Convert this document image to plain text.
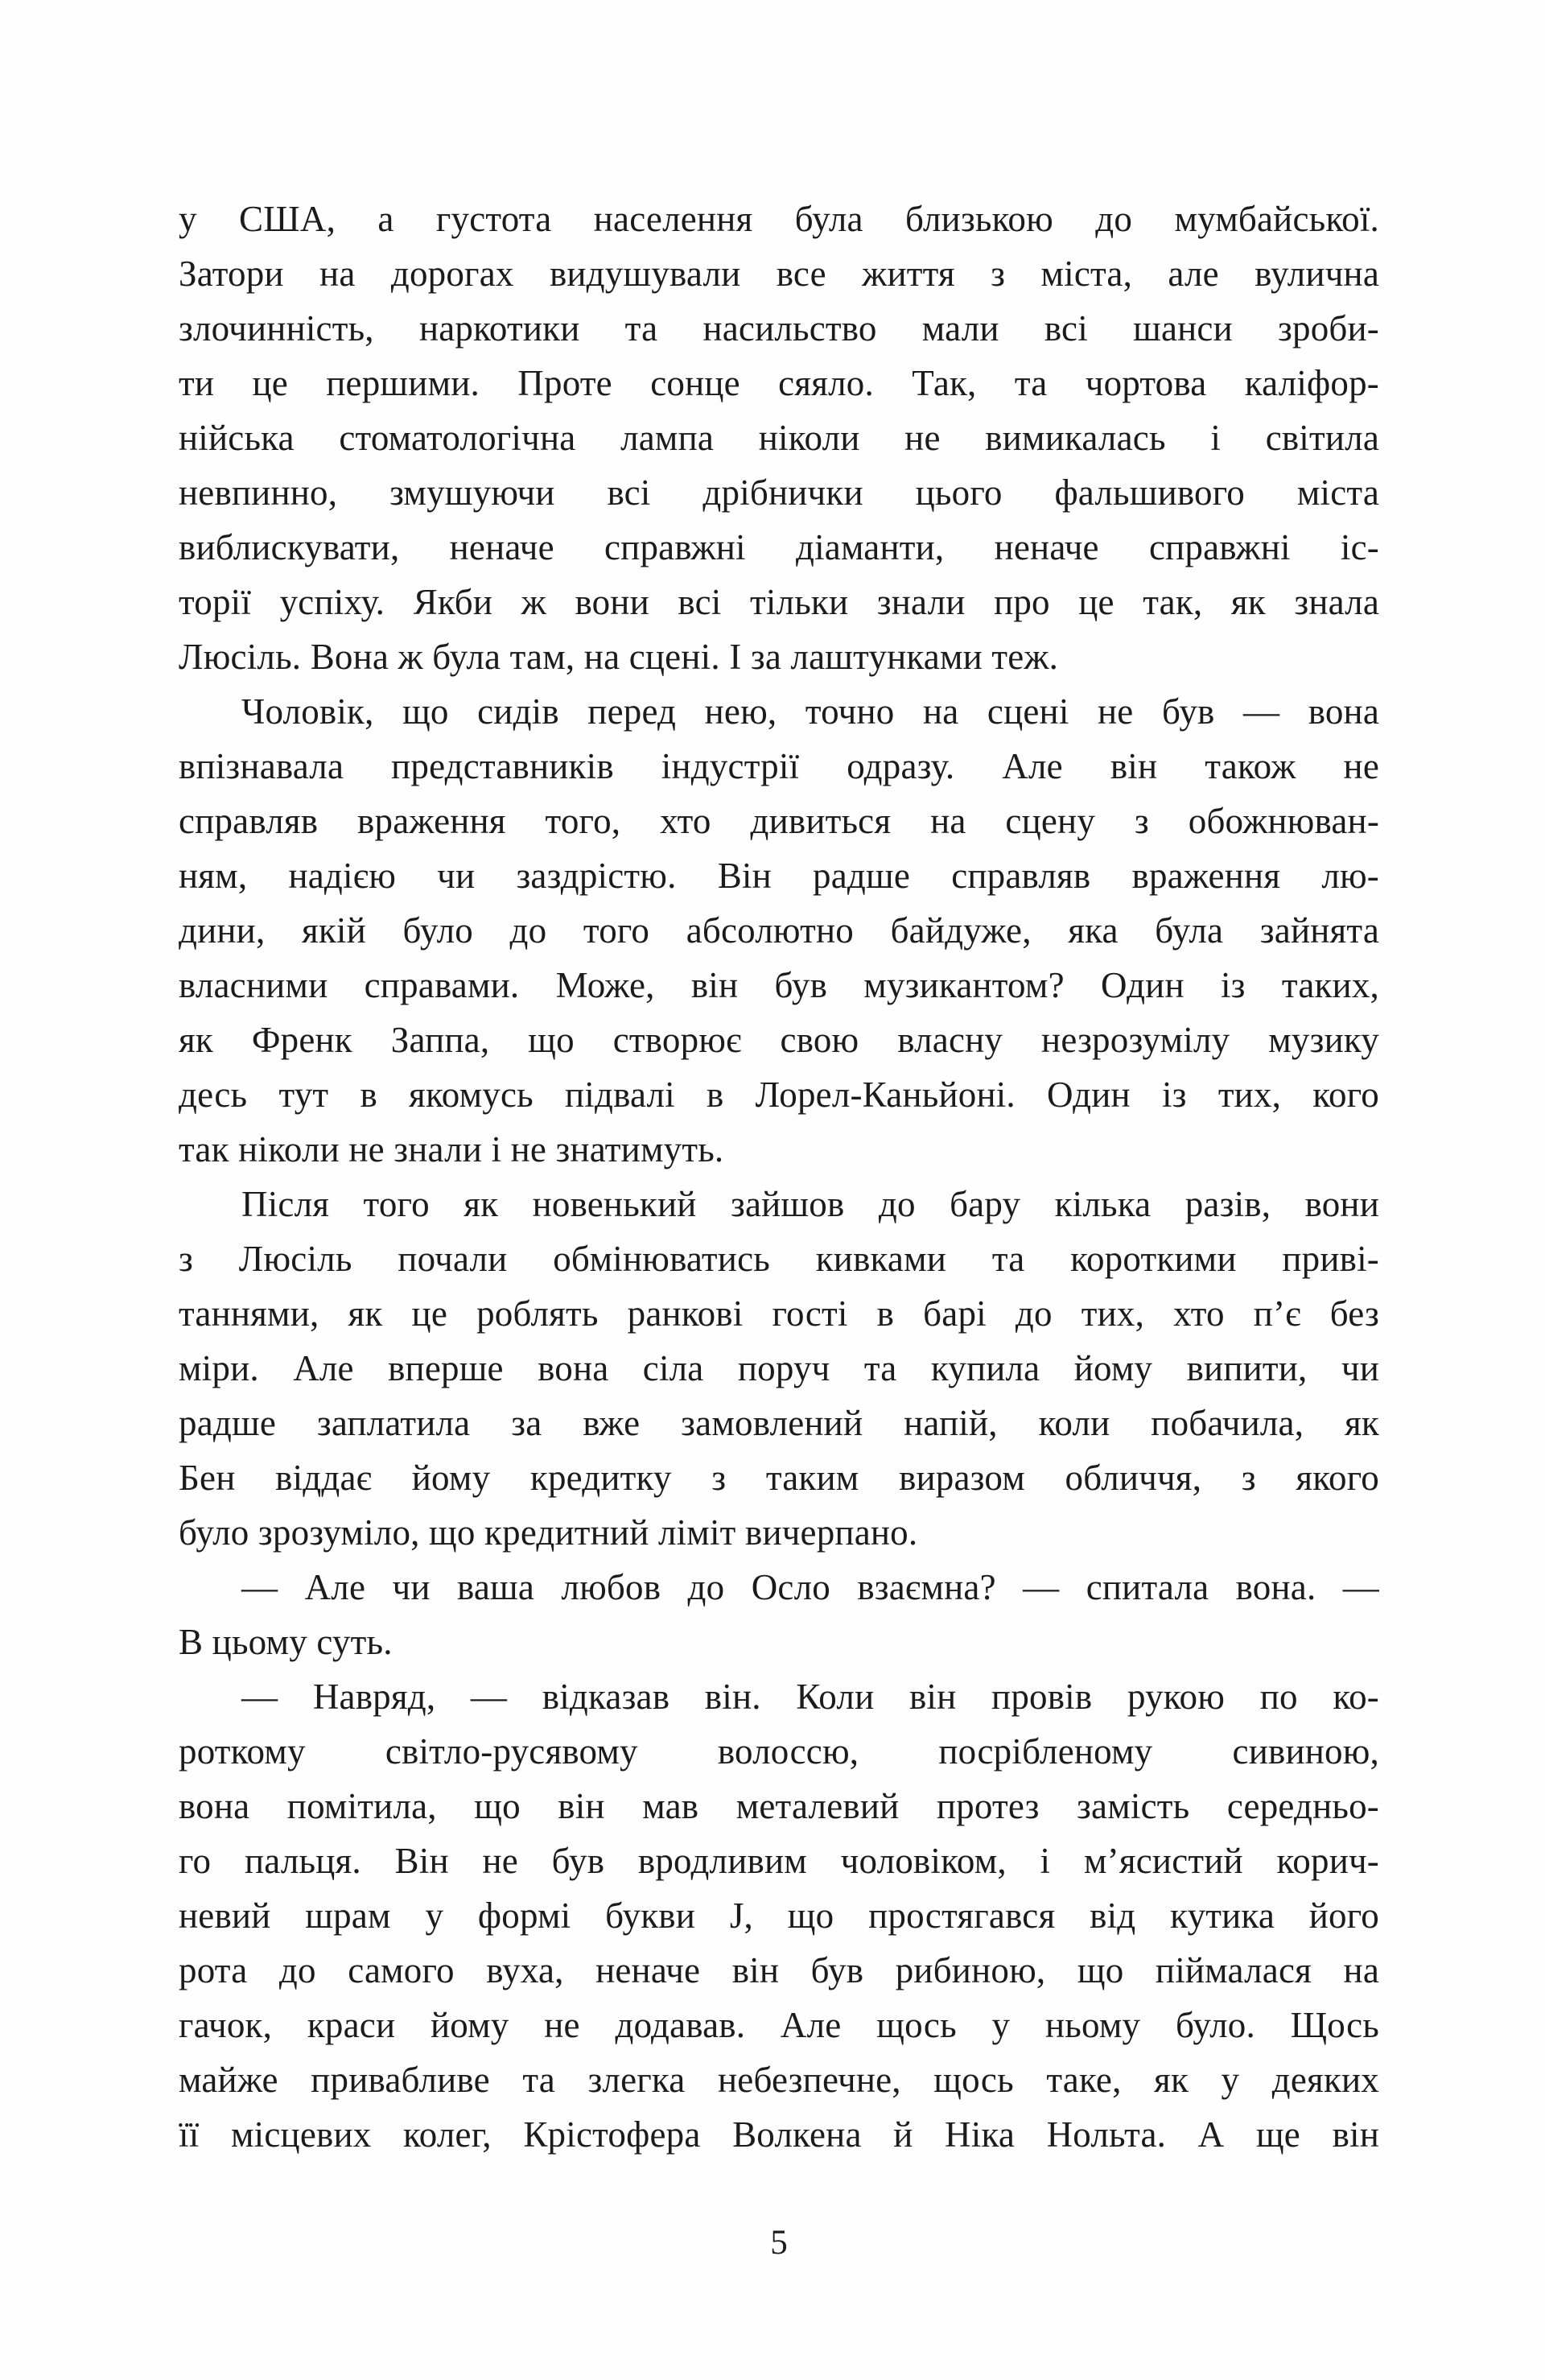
у США, а густота населення була близькою до мумбайської.
Затори на дорогах видушували все життя з міста, але вулична
злочинність, наркотики та насильство мали всі шанси зроби-
ти це першими. Проте сонце сяяло. Так, та чортова каліфор-
нійська стоматологічна лампа ніколи не вимикалась і світила
невпинно, змушуючи всі дрібнички цього фальшивого міста
виблискувати, неначе справжні діаманти, неначе справжні іс-
торії успіху. Якби ж вони всі тільки знали про це так, як знала
Люсіль. Вона ж була там, на сцені. І за лаштунками теж.
Чоловік, що сидів перед нею, точно на сцені не був — вона
впізнавала представників індустрії одразу. Але він також не
справляв враження того, хто дивиться на сцену з обожнюван-
ням, надією чи заздрістю. Він радше справляв враження лю-
дини, якій було до того абсолютно байдуже, яка була зайнята
власними справами. Може, він був музикантом? Один із таких,
як Френк Заппа, що створює свою власну незрозумілу музику
десь тут в якомусь підвалі в Лорел-Каньйоні. Один із тих, кого
так ніколи не знали і не знатимуть.
Після того як новенький зайшов до бару кілька разів, вони
з Люсіль почали обмінюватись кивками та короткими приві-
таннями, як це роблять ранкові гості в барі до тих, хто п’є без
міри. Але вперше вона сіла поруч та купила йому випити, чи
радше заплатила за вже замовлений напій, коли побачила, як
Бен віддає йому кредитку з таким виразом обличчя, з якого
було зрозуміло, що кредитний ліміт вичерпано.
— Але чи ваша любов до Осло взаємна? — спитала вона. —
В цьому суть.
— Навряд, — відказав він. Коли він провів рукою по ко-
роткому світло-русявому волоссю, посрібленому сивиною,
вона помітила, що він мав металевий протез замість середньо-
го пальця. Він не був вродливим чоловіком, і м’ясистий корич-
невий шрам у формі букви J, що простягався від кутика його
рота до самого вуха, неначе він був рибиною, що піймалася на
гачок, краси йому не додавав. Але щось у ньому було. Щось
майже привабливе та злегка небезпечне, щось таке, як у деяких
її місцевих колег, Крістофера Волкена й Ніка Нольта. А ще він
5
